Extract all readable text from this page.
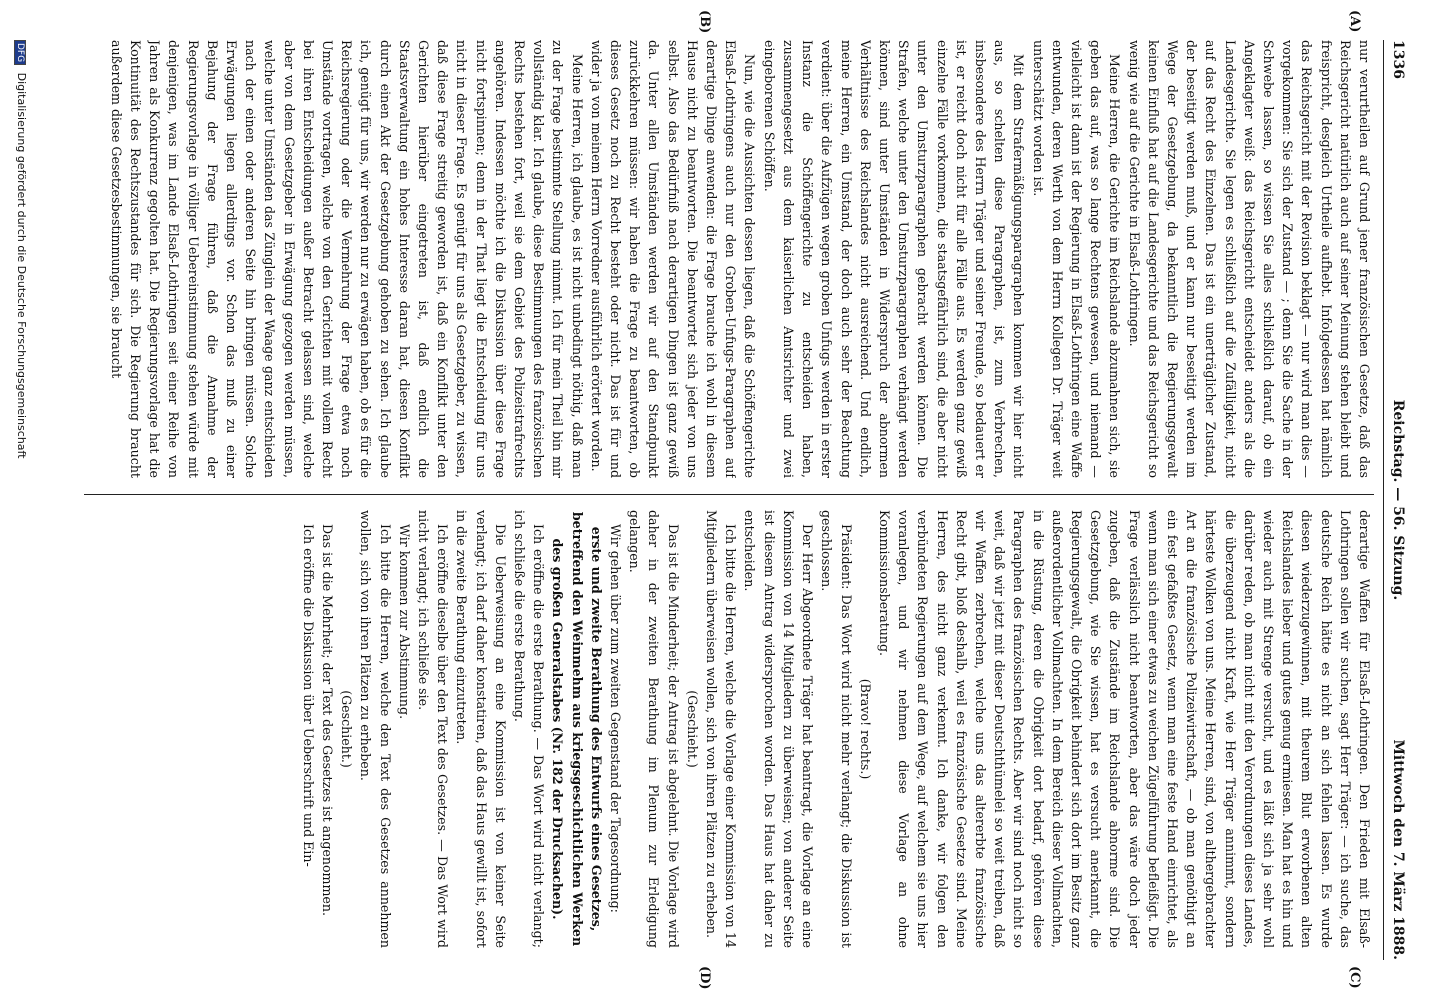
1336
Reichstag. — 56. Sitzung.
Mittwoch den 7. März 1888.
(A)
(B)
(C)
(D)

nur verurtheilen auf Grund jener französischen Gesetze, daß das Reichsgericht natürlich auch auf seiner Meinung stehen bleibt und freispricht, desgleich Urtheile aufhebt. Infolgedessen hat nämlich das Reichsgericht mit der Revision beklagt — nur wird man dies — vorgekommen: Sie sich der Zustand — ; denn Sie die Sache in der Schwebe lassen, so wissen Sie alles schließlich darauf, ob ein Angeklagter weiß: das Reichsgericht entscheidet anders als die Landesgerichte. Sie legen es schließlich auf die Zufälligkeit, nicht auf das Recht des Einzelnen. Das ist ein unerträglicher Zustand, der beseitigt werden muß, und er kann nur beseitigt werden im Wege der Gesetzgebung, da bekanntlich die Regierungsgewalt keinen Einfluß hat auf die Landesgerichte und das Reichsgericht so wenig wie auf die Gerichte in Elsaß-Lothringen.

Meine Herren, die Gerichte im Reichslande abzumahnen sich, sie geben das auf, was so lange Rechtens gewesen, und niemand — vielleicht ist dann ist der Regierung in Elsaß-Lothringen eine Waffe entwunden, deren Werth von dem Herrn Kollegen Dr. Träger weit unterschätzt worden ist.

Mit dem Strafermäßigungsparagraphen kommen wir hier nicht aus, so schelten diese Paragraphen, ist, zum Verbrechen, insbesondere des Herrn Träger und seiner Freunde, so bedauert er ist, er reicht doch nicht für alle Fälle aus. Es werden ganz gewiß einzelne Fälle vorkommen, die staatsgefährlich sind, die aber nicht unter den Umsturzparagraphen gebracht werden können. Die Strafen, welche unter den Umsturzparagraphen verhängt werden können, sind unter Umständen in Widerspruch der abnormen Verhältnisse des Reichslandes nicht ausreichend. Und endlich, meine Herren, ein Umstand, der doch auch sehr der Beachtung verdient: über die Aufzügen wegen groben Unfugs werden in erster Instanz die Schöffengerichte zu entscheiden haben, zusammengesetzt aus dem kaiserlichen Amtsrichter und zwei eingeborenen Schöffen.

Nun, wie die Aussichten dessen liegen, daß die Schöffengerichte Elsaß-Lothringens auch nur den Groben-Unfugs-Paragraphen auf derartige Dinge anwenden: die Frage brauche ich wohl in diesem Hause nicht zu beantworten. Die beantwortet sich jeder von uns selbst. Also das Bedürfniß nach derartigen Dingen ist ganz gewiß da. Unter allen Umständen werden wir auf den Standpunkt zurückkehren müssen: wir haben die Frage zu beantworten, ob dieses Gesetz noch zu Recht besteht oder nicht. Das ist für und wider ja von meinem Herrn Vorredner ausführlich erörtert worden.

Meine Herren, ich glaube, es ist nicht unbedingt nöthig, daß man zu der Frage bestimmte Stellung nimmt. Ich für mein Theil bin mir vollständig klar. Ich glaube, diese Bestimmungen des französischen Rechts bestehen fort, weil sie dem Gebiet des Polizeistrafrechts angehören. Indessen möchte ich die Diskussion über diese Frage nicht fortspinnen; denn in der That liegt die Entscheidung für uns nicht in dieser Frage. Es genügt für uns als Gesetzgeber, zu wissen, daß diese Frage streitig geworden ist, daß ein Konflikt unter den Gerichten hierüber eingetreten ist, daß endlich die Staatsverwaltung ein hohes Interesse daran hat, diesen Konflikt durch einen Akt der Gesetzgebung gehoben zu sehen. Ich glaube ich, genügt für uns, wir werden nur zu erwägen haben, ob es für die Reichsregierung oder die Vermehrung der Frage etwa noch Umstände vortragen, welche von den Gerichten mit vollem Recht bei ihren Entscheidungen außer Betracht gelassen sind, welche aber von dem Gesetzgeber in Erwägung gezogen werden müssen, welche unter Umständen das Zünglein der Waage ganz entschieden nach der einen oder anderen Seite hin bringen müssen. Solche Erwägungen liegen allerdings vor. Schon das muß zu einer Bejahung der Frage führen, daß die Annahme der Regierungsvorlage in völliger Uebereinstimmung stehen würde mit denjenigen, was im Lande Elsaß-Lothringen seit einer Reihe von Jahren als Konkurrenz gegolten hat. Die Regierungsvorlage hat die Kontinuität des Rechtszustandes für sich. Die Regierung braucht außerdem diese Gesetzesbestimmungen, sie braucht

derartige Waffen für Elsaß-Lothringen. Den Frieden mit Elsaß-Lothringen sollen wir suchen, sagt Herr Träger: — ich suche, das deutsche Reich hätte es nicht an sich fehlen lassen. Es wurde diesen wiederzugewinnen, mit theurem Blut erworbenen alten Reichslandes lieber und gutes genug ermiesen. Man hat es hin und wieder auch mit Strenge versucht, und es läßt sich ja sehr wohl darüber reden, ob man nicht mit den Verordnungen dieses Landes, die überzeugend nicht Kraft, wie Herr Träger annimmt, sondern härteste Wolken von uns. Meine Herren, sind, von althergebrachter Art an die französische Polizeiwirtschaft, — ob man genöthigt an ein fest gefaßtes Gesetz, wenn man eine feste Hand einrichtet, als wenn man sich einer etwas zu weichen Zügelführung befleißigt. Die Frage verlässlich nicht beantworten, aber das wäre doch jeder zugeben, daß die Zustände im Reichslande abnorme sind. Die Gesetzgebung, wie Sie wissen, hat es versucht anerkannt, die Regierungsgewalt, die Obrigkeit behindert sich dort im Besitz ganz außerordentlicher Vollmachten. In dem Bereich dieser Vollmachten, in die Rüstung, deren die Obrigkeit dort bedarf, gehören diese Paragraphen des französischen Rechts. Aber wir sind noch nicht so weit, daß wir jetzt mit dieser Deutschthümelei so weit treiben, daß wir Waffen zerbrechen, welche uns das altererbte französische Recht gibt, bloß deshalb, weil es französische Gesetze sind. Meine Herren, des nicht ganz verkennt. Ich danke, wir folgen den verbündeten Regierungen auf dem Wege, auf welchem sie uns hier voranlegen, und wir nehmen diese Vorlage an ohne Kommissionsberatung.

(Bravo! rechts.)

Präsident: Das Wort wird nicht mehr verlangt; die Diskussion ist geschlossen.

Der Herr Abgeordnete Träger hat beantragt, die Vorlage an eine Kommission von 14 Mitgliedern zu überweisen; von anderer Seite ist diesem Antrag widersprochen worden. Das Haus hat daher zu entscheiden.

Ich bitte die Herren, welche die Vorlage einer Kommission von 14 Mitgliedern überweisen wollen, sich von ihren Plätzen zu erheben.

(Geschieht.)

Das ist die Minderheit; der Antrag ist abgelehnt. Die Vorlage wird daher in der zweiten Berathung im Plenum zur Erledigung gelangen.

Wir gehen über zum zweiten Gegenstand der Tagesordnung:

erste und zweite Berathung des Entwurfs eines Gesetzes, betreffend den Weinmehm aus kriegsgeschichtlichen Werken des großen Generalstabes (Nr. 182 der Drucksachen).

Ich eröffne die erste Berathung. — Das Wort wird nicht verlangt; ich schließe die erste Berathung.

Die Ueberweisung an eine Kommission ist von keiner Seite verlangt; ich darf daher konstatiren, daß das Haus gewillt ist, sofort in die zweite Berathung einzutreten.

Ich eröffne dieselbe über den Text des Gesetzes. — Das Wort wird nicht verlangt; ich schließe sie.

Wir kommen zur Abstimmung.

Ich bitte die Herren, welche den Text des Gesetzes annehmen wollen, sich von ihren Plätzen zu erheben.

(Geschieht.)

Das ist die Mehrheit; der Text des Gesetzes ist angenommen.

Ich eröffne die Diskussion über Ueberschrift und Ein-

DFG Digitalisierung gefördert durch die Deutsche Forschungsgemeinschaft
